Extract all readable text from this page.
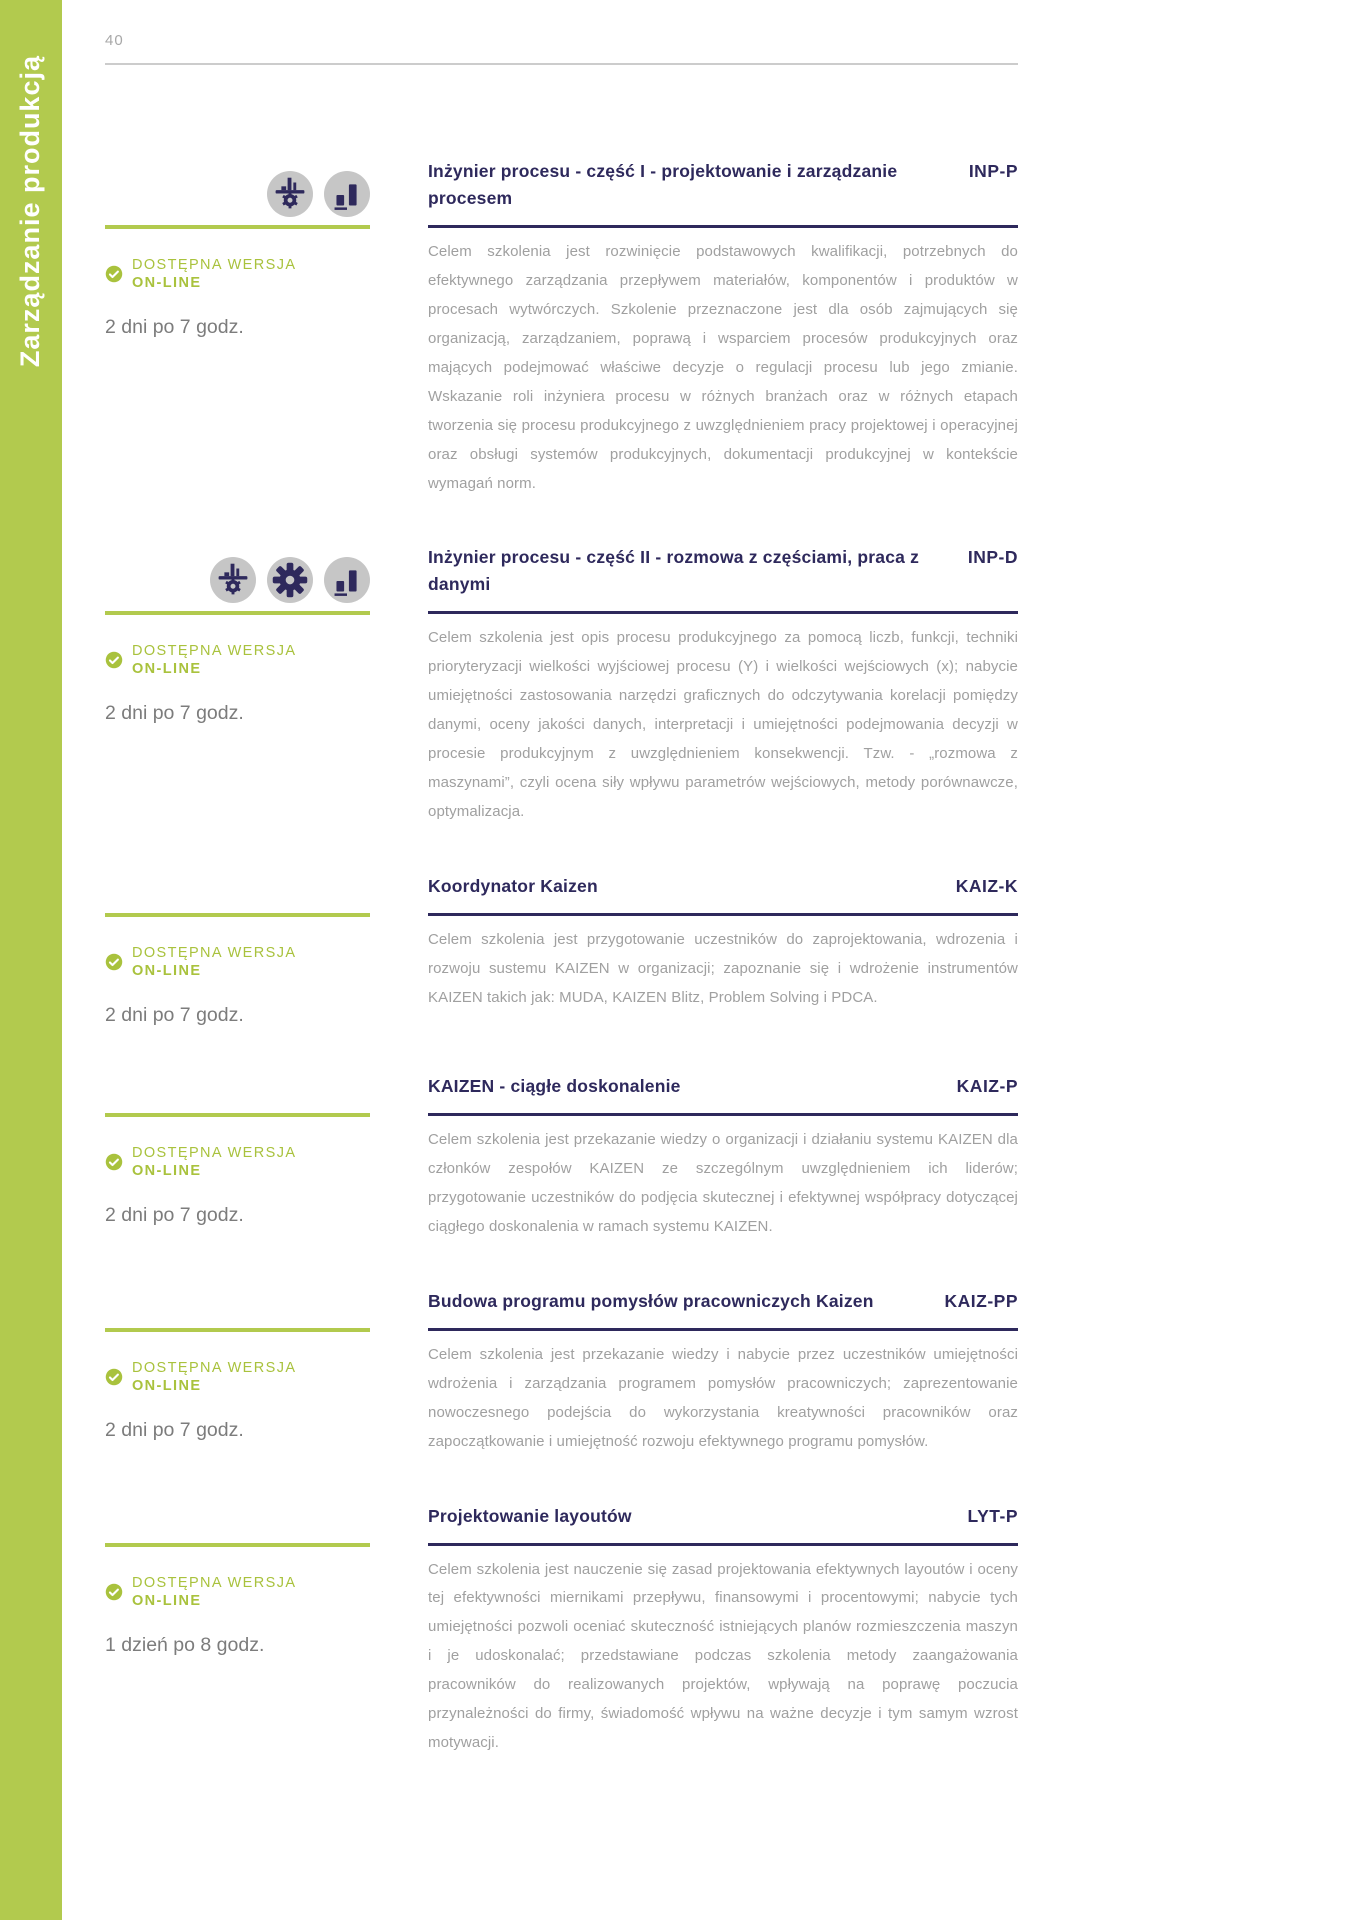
Zarządzanie produkcją
40
Inżynier procesu - część I - projektowanie i zarządzanie procesem
INP-P
DOSTĘPNA WERSJA ON-LINE
2 dni po 7 godz.

Celem szkolenia jest rozwinięcie podstawowych kwalifikacji, potrzebnych do efektywnego zarządzania przepływem materiałów, komponentów i produktów w procesach wytwórczych. Szkolenie przeznaczone jest dla osób zajmujących się organizacją, zarządzaniem, poprawą i wsparciem procesów produkcyjnych oraz mających podejmować właściwe decyzje o regulacji procesu lub jego zmianie. Wskazanie roli inżyniera procesu w różnych branżach oraz w różnych etapach tworzenia się procesu produkcyjnego z uwzględnieniem pracy projektowej i operacyjnej oraz obsługi systemów produkcyjnych, dokumentacji produkcyjnej w kontekście wymagań norm.

Inżynier procesu - część II - rozmowa z częściami, praca z danymi
INP-D
DOSTĘPNA WERSJA ON-LINE
2 dni po 7 godz.

Celem szkolenia jest opis procesu produkcyjnego za pomocą liczb, funkcji, techniki prioryteryzacji wielkości wyjściowej procesu (Y) i wielkości wejściowych (x); nabycie umiejętności zastosowania narzędzi graficznych do odczytywania korelacji pomiędzy danymi, oceny jakości danych, interpretacji i umiejętności podejmowania decyzji w procesie produkcyjnym z uwzględnieniem konsekwencji. Tzw. - „rozmowa z maszynami”, czyli ocena siły wpływu parametrów wejściowych, metody porównawcze, optymalizacja.

Koordynator Kaizen	KAIZ-K
DOSTĘPNA WERSJA ON-LINE
2 dni po 7 godz.

Celem szkolenia jest przygotowanie uczestników do zaprojektowania, wdrozenia i rozwoju sustemu KAIZEN w organizacji; zapoznanie się i wdrożenie instrumentów KAIZEN takich jak: MUDA, KAIZEN Blitz, Problem Solving i PDCA.

KAIZEN - ciągłe doskonalenie	KAIZ-P
DOSTĘPNA WERSJA ON-LINE
2 dni po 7 godz.

Celem szkolenia jest przekazanie wiedzy o organizacji i działaniu systemu KAIZEN dla członków zespołów KAIZEN ze szczególnym uwzględnieniem ich liderów; przygotowanie uczestników do podjęcia skutecznej i efektywnej współpracy dotyczącej ciągłego doskonalenia w ramach systemu KAIZEN.

Budowa programu pomysłów pracowniczych Kaizen	KAIZ-PP
DOSTĘPNA WERSJA ON-LINE
2 dni po 7 godz.

Celem szkolenia jest przekazanie wiedzy i nabycie przez uczestników umiejętności wdrożenia i zarządzania programem pomysłów pracowniczych; zaprezentowanie nowoczesnego podejścia do wykorzystania kreatywności pracowników oraz zapoczątkowanie i umiejętność rozwoju efektywnego programu pomysłów.

Projektowanie layoutów	LYT-P
DOSTĘPNA WERSJA ON-LINE
1 dzień po 8 godz.

Celem szkolenia jest nauczenie się zasad projektowania efektywnych layoutów i oceny tej efektywności miernikami przepływu, finansowymi i procentowymi; nabycie tych umiejętności pozwoli oceniać skuteczność istniejących planów rozmieszczenia maszyn i je udoskonalać; przedstawiane podczas szkolenia metody zaangażowania pracowników do realizowanych projektów, wpływają na poprawę poczucia przynależności do firmy, świadomość wpływu na ważne decyzje i tym samym wzrost motywacji.
